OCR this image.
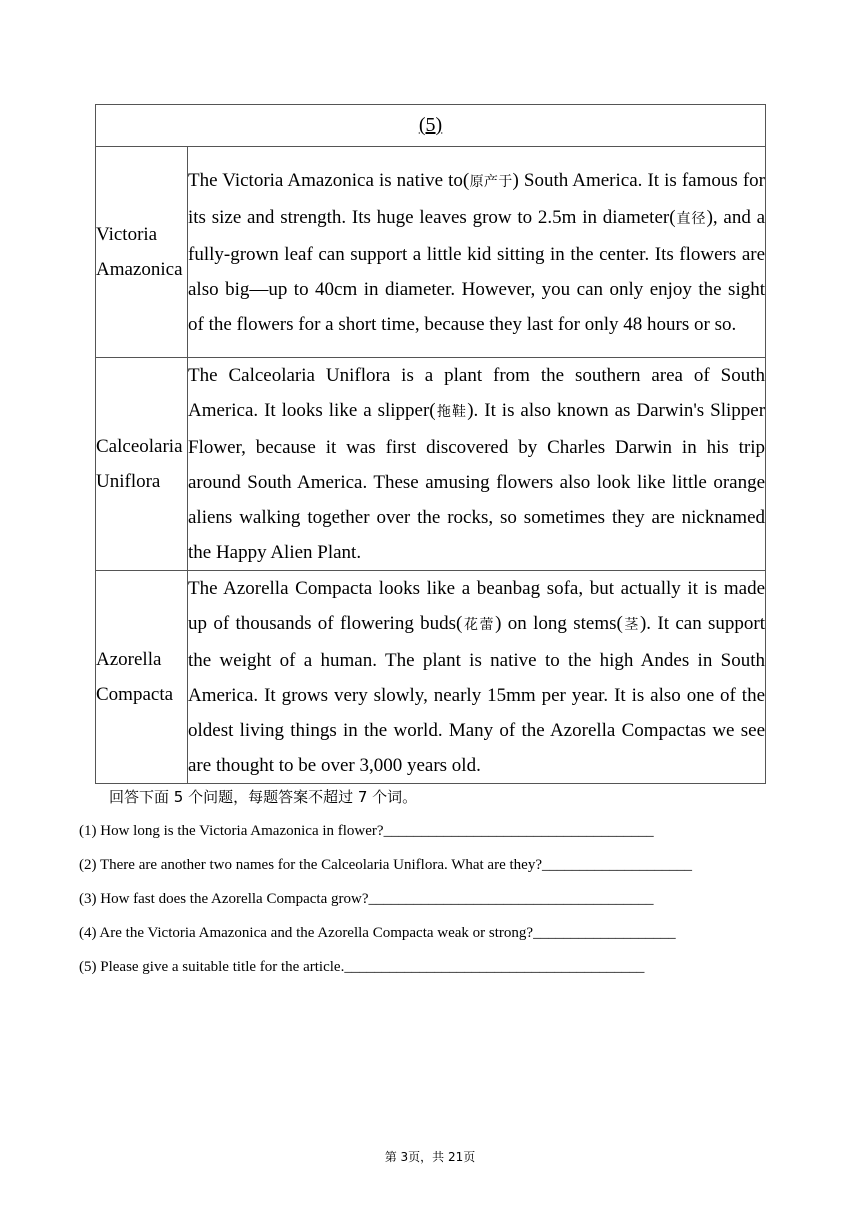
(5)	

Victoria
Amazonica	The Victoria Amazonica is native to(原产于) South America. It is famous for its size and strength. Its huge leaves grow to 2.5m in diameter(直径), and a fully-grown leaf can support a little kid sitting in the center. Its flowers are also big—up to 40cm in diameter. However, you can only enjoy the sight of the flowers for a short time, because they last for only 48 hours or so.

Calceolaria
Uniflora	The Calceolaria Uniflora is a plant from the southern area of South America. It looks like a slipper(拖鞋). It is also known as Darwin's Slipper Flower, because it was first discovered by Charles Darwin in his trip around South America. These amusing flowers also look like little orange aliens walking together over the rocks, so sometimes they are nicknamed the Happy Alien Plant.

Azorella
Compacta	The Azorella Compacta looks like a beanbag sofa, but actually it is made up of thousands of flowering buds(花蕾) on long stems(茎). It can support the weight of a human. The plant is native to the high Andes in South America. It grows very slowly, nearly 15mm per year. It is also one of the oldest living things in the world. Many of the Azorella Compactas we see are thought to be over 3,000 years old.

回答下面 5 个问题，每题答案不超过 7 个词。
(1) How long is the Victoria Amazonica in flower?____________________________________
(2) There are another two names for the Calceolaria Uniflora. What are they?____________________
(3) How fast does the Azorella Compacta grow?______________________________________
(4) Are the Victoria Amazonica and the Azorella Compacta weak or strong?___________________
(5) Please give a suitable title for the article.________________________________________
第 3页，共 21页
